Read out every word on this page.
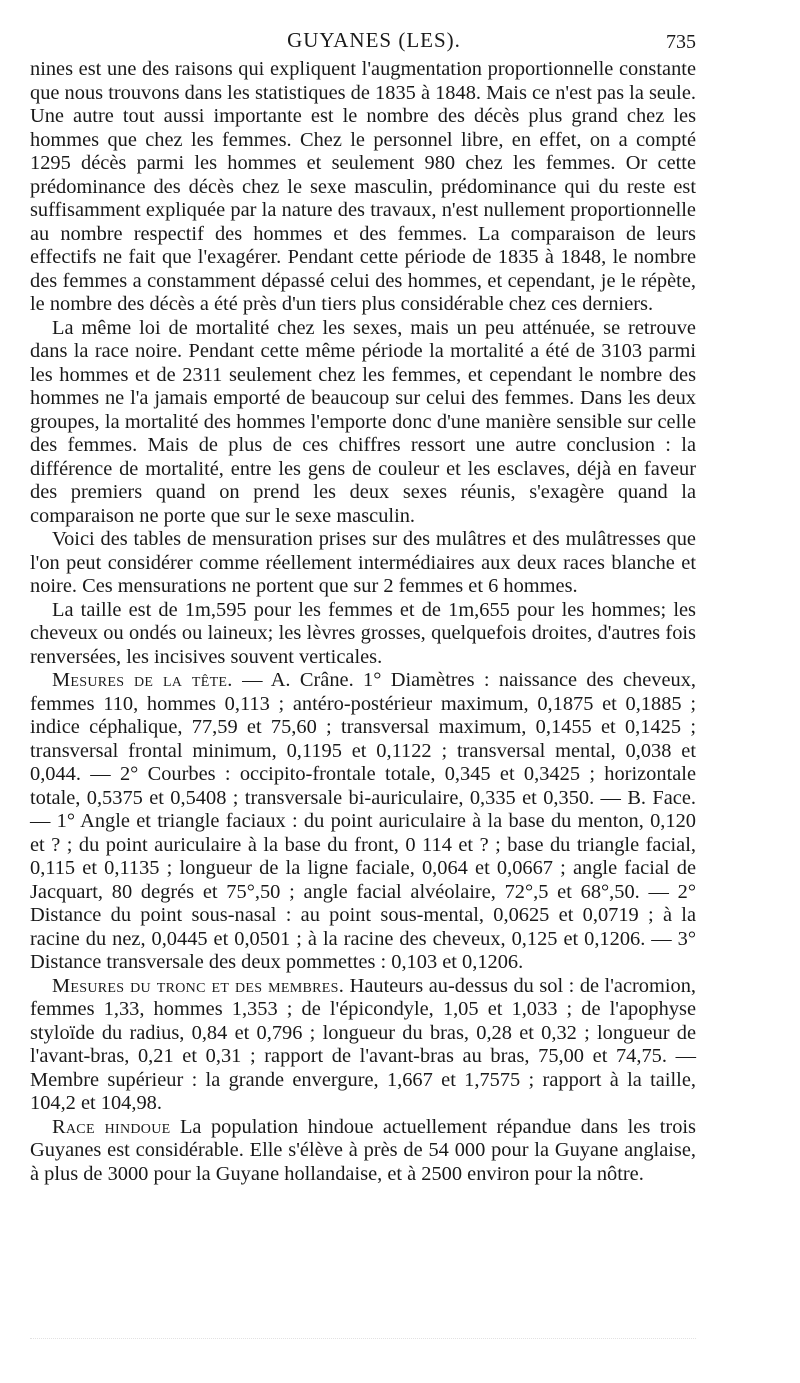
GUYANES (LES).	735

nines est une des raisons qui expliquent l'augmentation proportionnelle constante que nous trouvons dans les statistiques de 1835 à 1848. Mais ce n'est pas la seule. Une autre tout aussi importante est le nombre des décès plus grand chez les hommes que chez les femmes. Chez le personnel libre, en effet, on a compté 1295 décès parmi les hommes et seulement 980 chez les femmes. Or cette prédominance des décès chez le sexe masculin, prédominance qui du reste est suffisamment expliquée par la nature des travaux, n'est nullement proportionnelle au nombre respectif des hommes et des femmes. La comparaison de leurs effectifs ne fait que l'exagérer. Pendant cette période de 1835 à 1848, le nombre des femmes a constamment dépassé celui des hommes, et cependant, je le répète, le nombre des décès a été près d'un tiers plus considérable chez ces derniers.

La même loi de mortalité chez les sexes, mais un peu atténuée, se retrouve dans la race noire. Pendant cette même période la mortalité a été de 3103 parmi les hommes et de 2311 seulement chez les femmes, et cependant le nombre des hommes ne l'a jamais emporté de beaucoup sur celui des femmes. Dans les deux groupes, la mortalité des hommes l'emporte donc d'une manière sensible sur celle des femmes. Mais de plus de ces chiffres ressort une autre conclusion : la différence de mortalité, entre les gens de couleur et les esclaves, déjà en faveur des premiers quand on prend les deux sexes réunis, s'exagère quand la comparaison ne porte que sur le sexe masculin.

Voici des tables de mensuration prises sur des mulâtres et des mulâtresses que l'on peut considérer comme réellement intermédiaires aux deux races blanche et noire. Ces mensurations ne portent que sur 2 femmes et 6 hommes.

La taille est de 1m,595 pour les femmes et de 1m,655 pour les hommes; les cheveux ou ondés ou laineux; les lèvres grosses, quelquefois droites, d'autres fois renversées, les incisives souvent verticales.

Mesures de la tête. — A. Crâne. 1° Diamètres : naissance des cheveux, femmes 110, hommes 0,113 ; antéro-postérieur maximum, 0,1875 et 0,1885 ; indice céphalique, 77,59 et 75,60 ; transversal maximum, 0,1455 et 0,1425 ; transversal frontal minimum, 0,1195 et 0,1122 ; transversal mental, 0,038 et 0,044. — 2° Courbes : occipito-frontale totale, 0,345 et 0,3425 ; horizontale totale, 0,5375 et 0,5408 ; transversale bi-auriculaire, 0,335 et 0,350. — B. Face. — 1° Angle et triangle faciaux : du point auriculaire à la base du menton, 0,120 et ? ; du point auriculaire à la base du front, 0 114 et ? ; base du triangle facial, 0,115 et 0,1135 ; longueur de la ligne faciale, 0,064 et 0,0667 ; angle facial de Jacquart, 80 degrés et 75°,50 ; angle facial alvéolaire, 72°,5 et 68°,50. — 2° Distance du point sous-nasal : au point sous-mental, 0,0625 et 0,0719 ; à la racine du nez, 0,0445 et 0,0501 ; à la racine des cheveux, 0,125 et 0,1206. — 3° Distance transversale des deux pommettes : 0,103 et 0,1206.

Mesures du tronc et des membres. Hauteurs au-dessus du sol : de l'acromion, femmes 1,33, hommes 1,353 ; de l'épicondyle, 1,05 et 1,033 ; de l'apophyse styloïde du radius, 0,84 et 0,796 ; longueur du bras, 0,28 et 0,32 ; longueur de l'avant-bras, 0,21 et 0,31 ; rapport de l'avant-bras au bras, 75,00 et 74,75. — Membre supérieur : la grande envergure, 1,667 et 1,7575 ; rapport à la taille, 104,2 et 104,98.

Race hindoue La population hindoue actuellement répandue dans les trois Guyanes est considérable. Elle s'élève à près de 54 000 pour la Guyane anglaise, à plus de 3000 pour la Guyane hollandaise, et à 2500 environ pour la nôtre.
